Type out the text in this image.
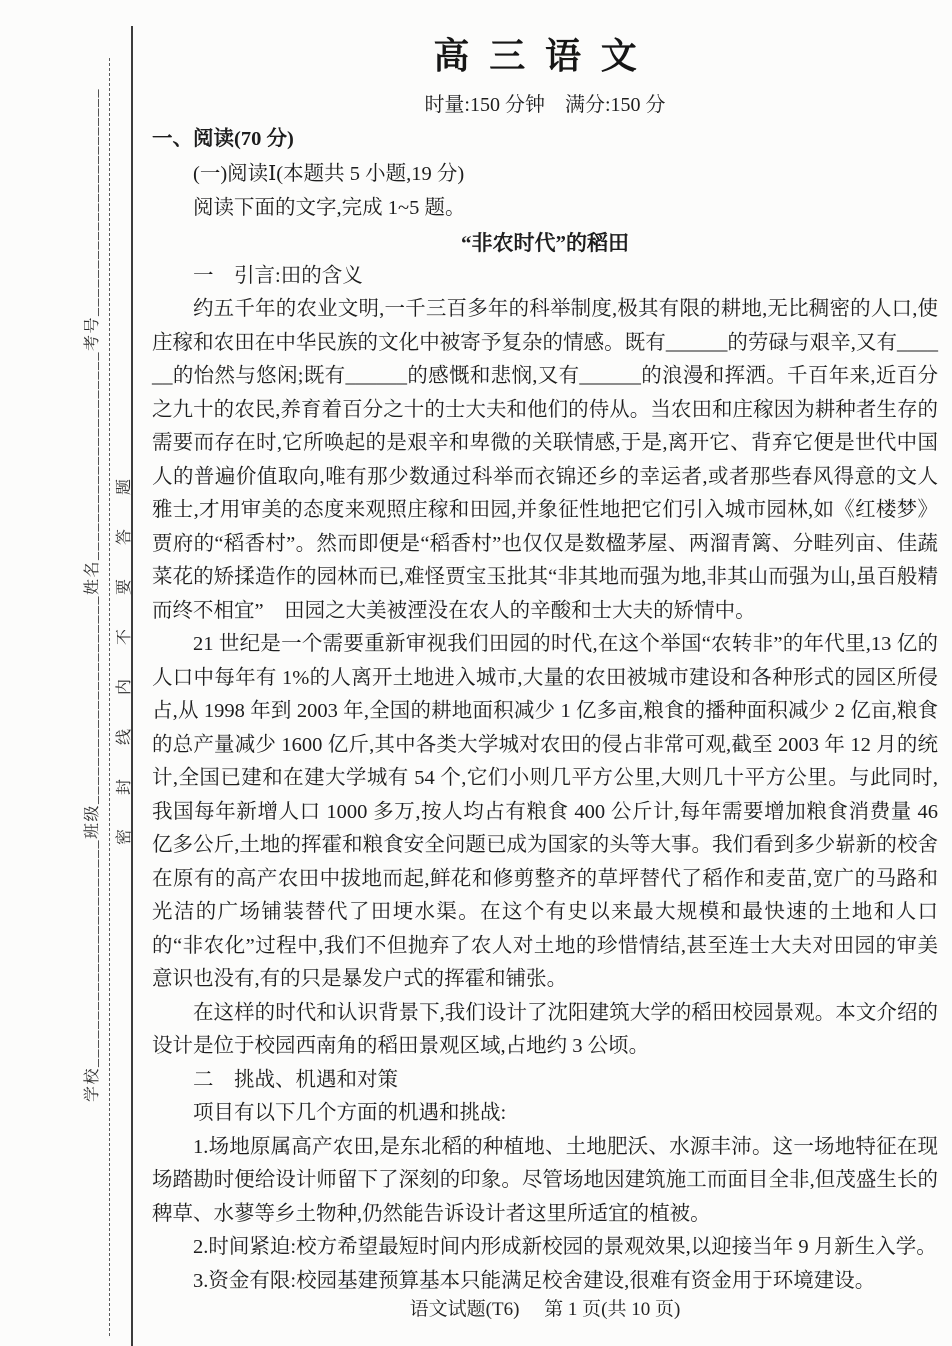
学校________________________班级______________________姓名______________________考号________________________ 密封线内不要答题
高三语文
时量:150 分钟　满分:150 分
一、阅读(70 分)
(一)阅读Ⅰ(本题共 5 小题,19 分)
阅读下面的文字,完成 1~5 题。
“非农时代”的稻田
一　引言:田的含义

约五千年的农业文明,一千三百多年的科举制度,极其有限的耕地,无比稠密的人口,使庄稼和农田在中华民族的文化中被寄予复杂的情感。既有______的劳碌与艰辛,又有______的怡然与悠闲;既有______的感慨和悲悯,又有______的浪漫和挥洒。千百年来,近百分之九十的农民,养育着百分之十的士大夫和他们的侍从。当农田和庄稼因为耕种者生存的需要而存在时,它所唤起的是艰辛和卑微的关联情感,于是,离开它、背弃它便是世代中国人的普遍价值取向,唯有那少数通过科举而衣锦还乡的幸运者,或者那些春风得意的文人雅士,才用审美的态度来观照庄稼和田园,并象征性地把它们引入城市园林,如《红楼梦》贾府的“稻香村”。然而即便是“稻香村”也仅仅是数楹茅屋、两溜青篱、分畦列亩、佳蔬菜花的矫揉造作的园林而已,难怪贾宝玉批其“非其地而强为地,非其山而强为山,虽百般精而终不相宜”　田园之大美被湮没在农人的辛酸和士大夫的矫情中。

21 世纪是一个需要重新审视我们田园的时代,在这个举国“农转非”的年代里,13 亿的人口中每年有 1%的人离开土地进入城市,大量的农田被城市建设和各种形式的园区所侵占,从 1998 年到 2003 年,全国的耕地面积减少 1 亿多亩,粮食的播种面积减少 2 亿亩,粮食的总产量减少 1600 亿斤,其中各类大学城对农田的侵占非常可观,截至 2003 年 12 月的统计,全国已建和在建大学城有 54 个,它们小则几平方公里,大则几十平方公里。与此同时,我国每年新增人口 1000 多万,按人均占有粮食 400 公斤计,每年需要增加粮食消费量 46 亿多公斤,土地的挥霍和粮食安全问题已成为国家的头等大事。我们看到多少崭新的校舍在原有的高产农田中拔地而起,鲜花和修剪整齐的草坪替代了稻作和麦苗,宽广的马路和光洁的广场铺装替代了田埂水渠。在这个有史以来最大规模和最快速的土地和人口的“非农化”过程中,我们不但抛弃了农人对土地的珍惜情结,甚至连士大夫对田园的审美意识也没有,有的只是暴发户式的挥霍和铺张。

在这样的时代和认识背景下,我们设计了沈阳建筑大学的稻田校园景观。本文介绍的设计是位于校园西南角的稻田景观区域,占地约 3 公顷。

二　挑战、机遇和对策

项目有以下几个方面的机遇和挑战:

1.场地原属高产农田,是东北稻的种植地、土地肥沃、水源丰沛。这一场地特征在现场踏勘时便给设计师留下了深刻的印象。尽管场地因建筑施工而面目全非,但茂盛生长的稗草、水蓼等乡土物种,仍然能告诉设计者这里所适宜的植被。

2.时间紧迫:校方希望最短时间内形成新校园的景观效果,以迎接当年 9 月新生入学。

3.资金有限:校园基建预算基本只能满足校舍建设,很难有资金用于环境建设。

语文试题(T6) 第 1 页(共 10 页)
